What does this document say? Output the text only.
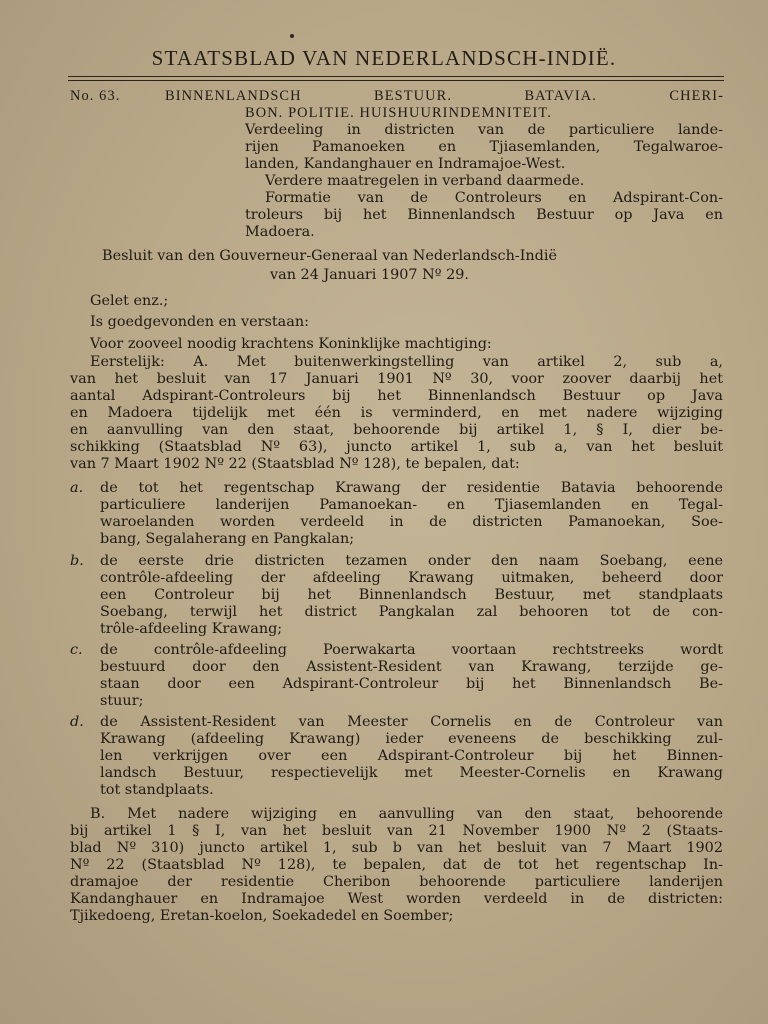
STAATSBLAD VAN NEDERLANDSCH-INDIË.
No. 63.	BINNENLANDSCH BESTUUR. BATAVIA. CHERI-
BON. POLITIE. HUISHUURINDEMNITEIT.
Verdeeling in districten van de particuliere lande-
rijen Pamanoeken en Tjiasemlanden, Tegalwaroe-
landen, Kandanghauer en Indramajoe-West.
Verdere maatregelen in verband daarmede.
Formatie van de Controleurs en Adspirant-Con-
troleurs bij het Binnenlandsch Bestuur op Java en
Madoera.
Besluit van den Gouverneur-Generaal van Nederlandsch-Indië
van 24 Januari 1907 Nº 29.
Gelet enz.;
Is goedgevonden en verstaan:
Voor zooveel noodig krachtens Koninklijke machtiging:
Eerstelijk: A. Met buitenwerkingstelling van artikel 2, sub a,
van het besluit van 17 Januari 1901 Nº 30, voor zoover daarbij het
aantal Adspirant-Controleurs bij het Binnenlandsch Bestuur op Java
en Madoera tijdelijk met één is verminderd, en met nadere wijziging
en aanvulling van den staat, behoorende bij artikel 1, § I, dier be-
schikking (Staatsblad Nº 63), juncto artikel 1, sub a, van het besluit
van 7 Maart 1902 Nº 22 (Staatsblad Nº 128), te bepalen, dat:
a. de tot het regentschap Krawang der residentie Batavia behoorende
particuliere landerijen Pamanoekan- en Tjiasemlanden en Tegal-
waroelanden worden verdeeld in de districten Pamanoekan, Soe-
bang, Segalaherang en Pangkalan;
b. de eerste drie districten tezamen onder den naam Soebang, eene
contrôle-afdeeling der afdeeling Krawang uitmaken, beheerd door
een Controleur bij het Binnenlandsch Bestuur, met standplaats
Soebang, terwijl het district Pangkalan zal behooren tot de con-
trôle-afdeeling Krawang;
c. de contrôle-afdeeling Poerwakarta voortaan rechtstreeks wordt
bestuurd door den Assistent-Resident van Krawang, terzijde ge-
staan door een Adspirant-Controleur bij het Binnenlandsch Be-
stuur;
d. de Assistent-Resident van Meester Cornelis en de Controleur van
Krawang (afdeeling Krawang) ieder eveneens de beschikking zul-
len verkrijgen over een Adspirant-Controleur bij het Binnen-
landsch Bestuur, respectievelijk met Meester-Cornelis en Krawang
tot standplaats.
B. Met nadere wijziging en aanvulling van den staat, behoorende
bij artikel 1 § I, van het besluit van 21 November 1900 Nº 2 (Staats-
blad Nº 310) juncto artikel 1, sub b van het besluit van 7 Maart 1902
Nº 22 (Staatsblad Nº 128), te bepalen, dat de tot het regentschap In-
dramajoe der residentie Cheribon behoorende particuliere landerijen
Kandanghauer en Indramajoe West worden verdeeld in de districten:
Tjikedoeng, Eretan-koelon, Soekadedel en Soember;
